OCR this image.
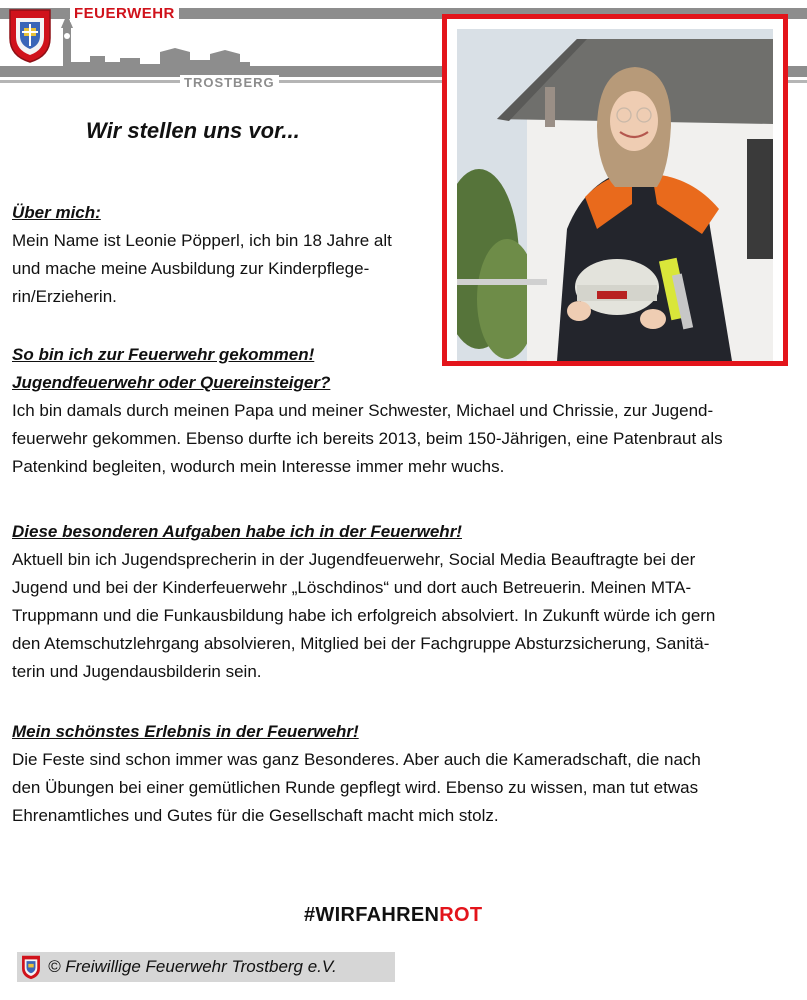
FEUERWEHR
TROSTBERG
Wir stellen uns vor...

Über mich:

Mein Name ist Leonie Pöpperl, ich bin 18 Jahre alt
und mache meine Ausbildung zur Kinderpflege-
rin/Erzieherin.

So bin ich zur Feuerwehr gekommen!
Jugendfeuerwehr oder Quereinsteiger?

Ich bin damals durch meinen Papa und meiner Schwester, Michael und Chrissie, zur Jugend-
feuerwehr gekommen. Ebenso durfte ich bereits 2013, beim 150-Jährigen, eine Patenbraut als
Patenkind begleiten, wodurch mein Interesse immer mehr wuchs.

Diese besonderen Aufgaben habe ich in der Feuerwehr!

Aktuell bin ich Jugendsprecherin in der Jugendfeuerwehr, Social Media Beauftragte bei der
Jugend und bei der Kinderfeuerwehr „Löschdinos“ und dort auch Betreuerin. Meinen MTA-
Truppmann und die Funkausbildung habe ich erfolgreich absolviert. In Zukunft würde ich gern
den Atemschutzlehrgang absolvieren, Mitglied bei der Fachgruppe Absturzsicherung, Sanitä-
terin und Jugendausbilderin sein.

Mein schönstes Erlebnis in der Feuerwehr!

Die Feste sind schon immer was ganz Besonderes. Aber auch die Kameradschaft, die nach
den Übungen bei einer gemütlichen Runde gepflegt wird. Ebenso zu wissen, man tut etwas
Ehrenamtliches und Gutes für die Gesellschaft macht mich stolz.

#WIRFAHRENROT

© Freiwillige Feuerwehr Trostberg e.V.
